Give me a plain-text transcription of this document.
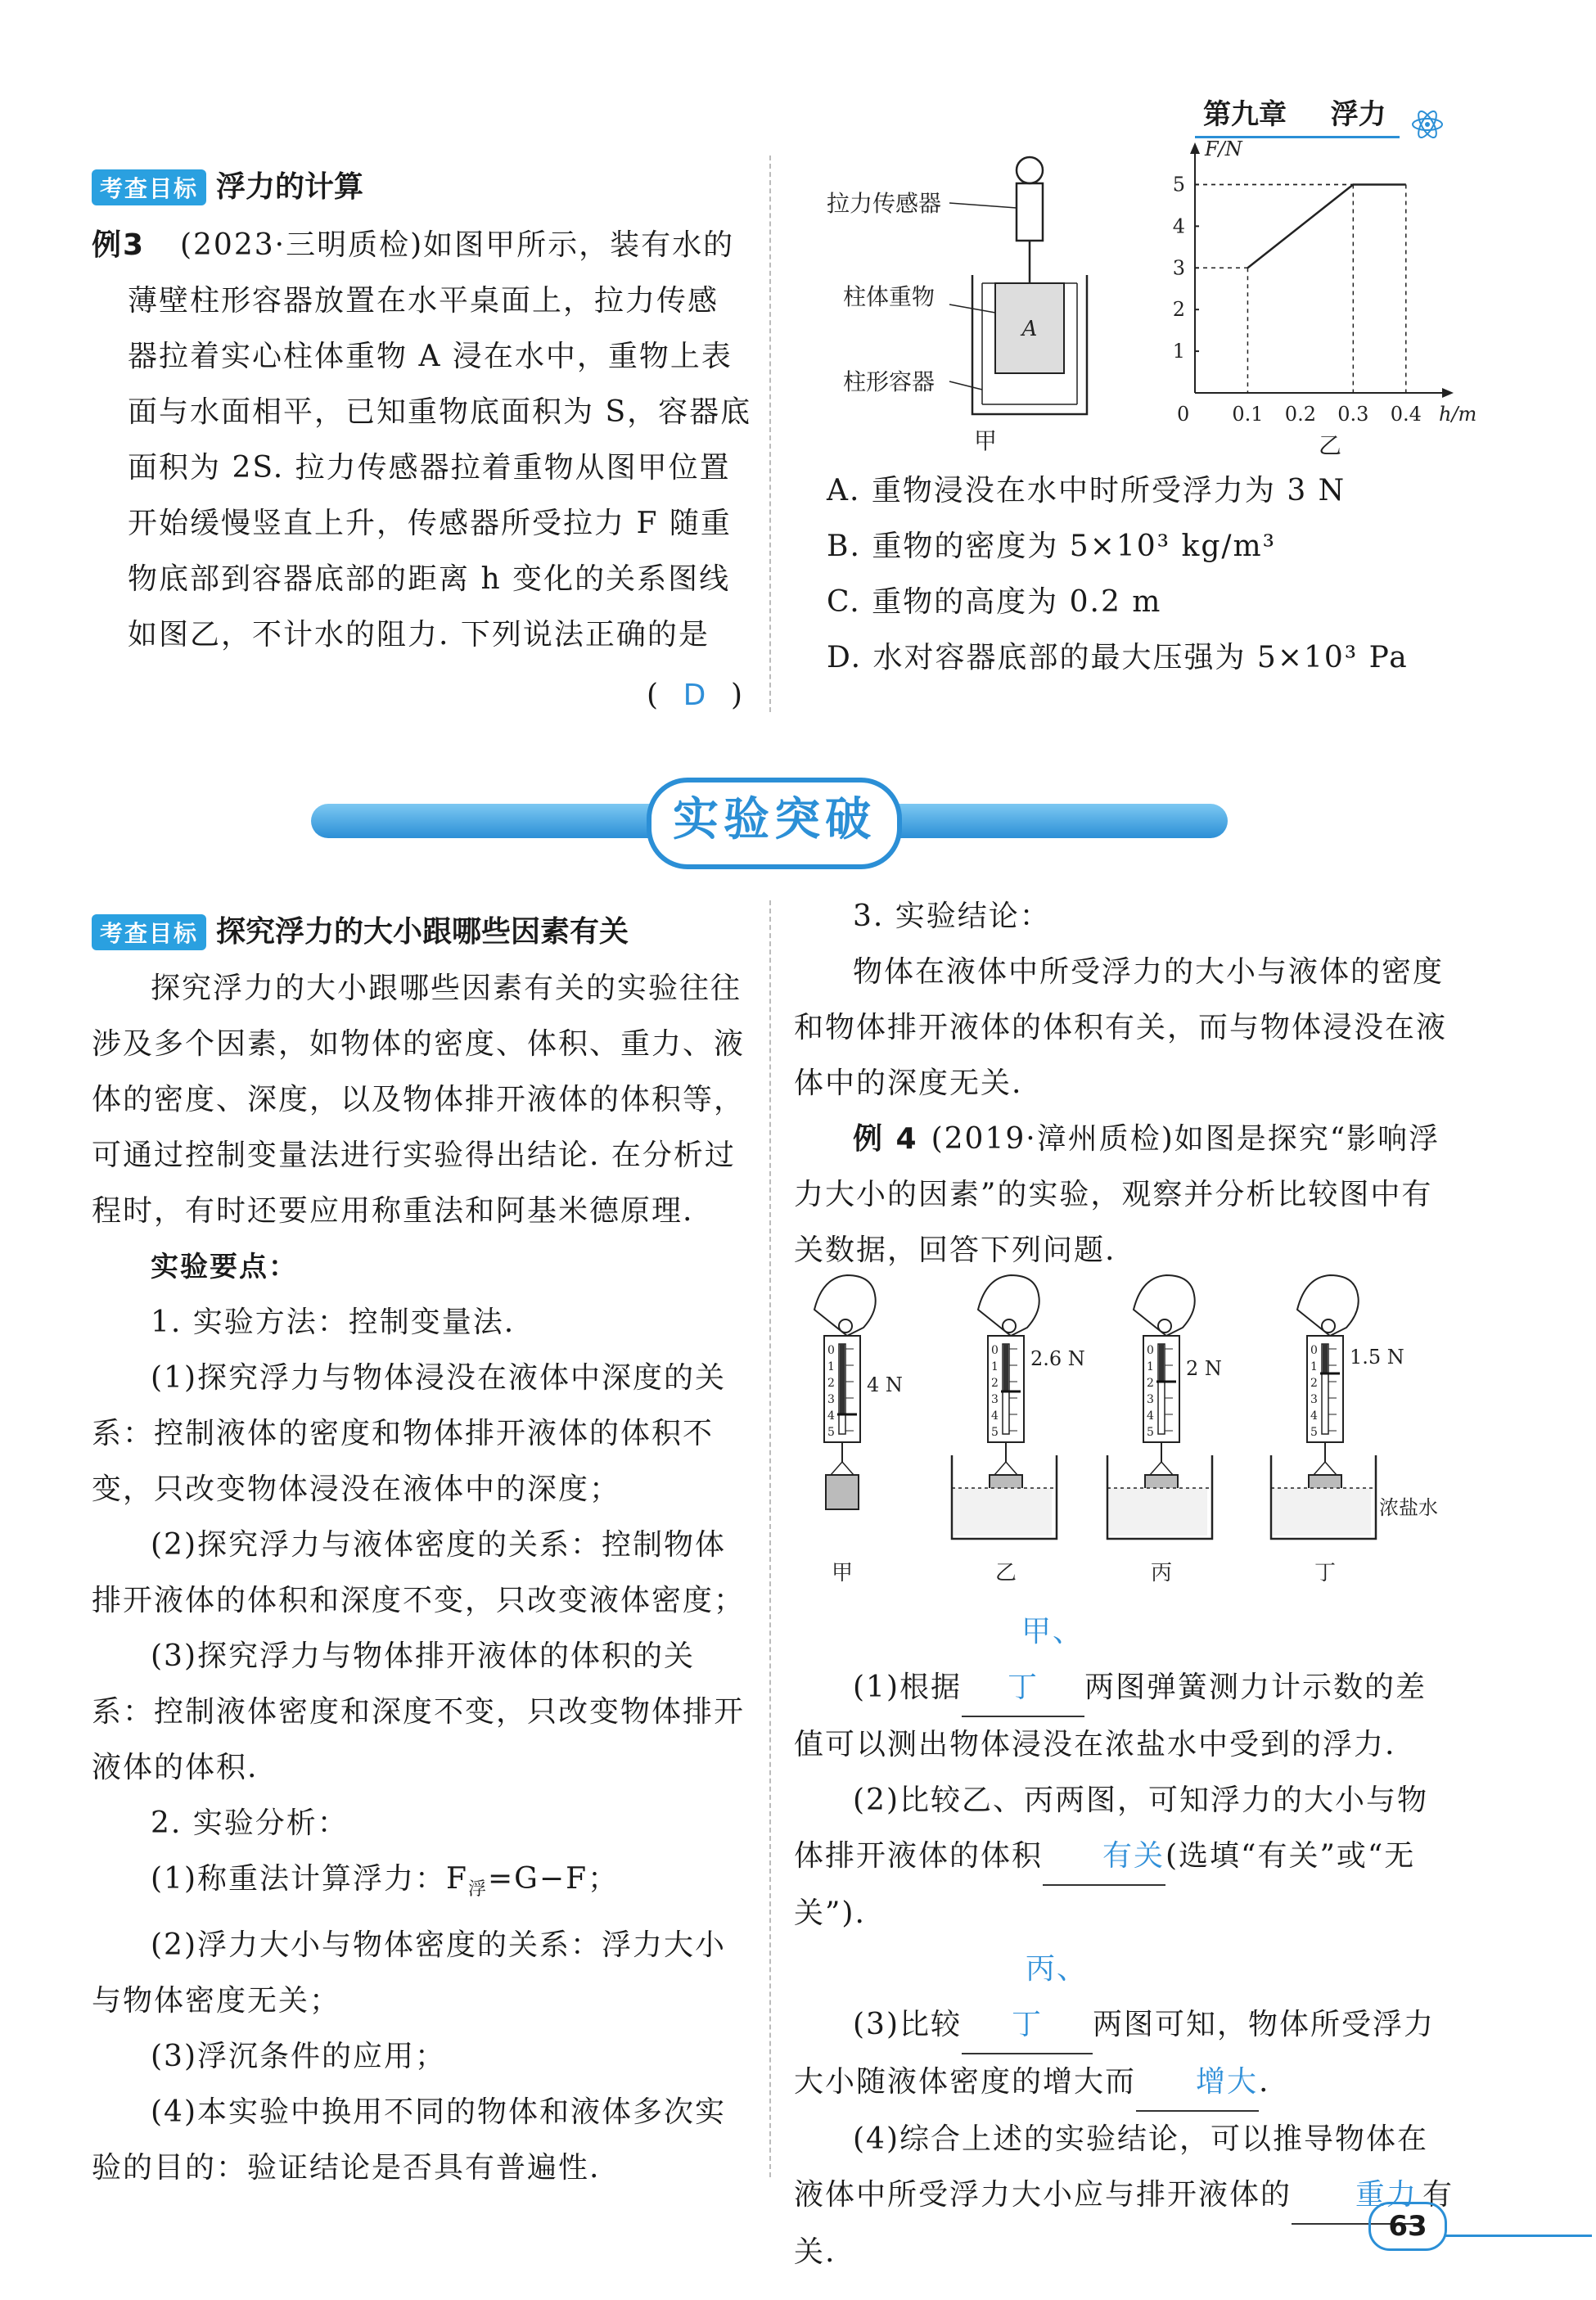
第九章 浮力
考查目标 浮力的计算

例3 (2023·三明质检)如图甲所示，装有水的

薄壁柱形容器放置在水平桌面上，拉力传感

器拉着实心柱体重物 A 浸在水中，重物上表

面与水面相平，已知重物底面积为 S，容器底

面积为 2S. 拉力传感器拉着重物从图甲位置

开始缓慢竖直上升，传感器所受拉力 F 随重

物底部到容器底部的距离 h 变化的关系图线

如图乙，不计水的阻力. 下列说法正确的是

( D )
A
拉力传感器
柱体重物
柱形容器
甲
F/N
h/m
0 0.1 0.2 0.3 0.4
1
2
3
4
5
乙

A. 重物浸没在水中时所受浮力为 3 N

B. 重物的密度为 5×10³ kg/m³

C. 重物的高度为 0.2 m

D. 水对容器底部的最大压强为 5×10³ Pa

实验突破
考查目标 探究浮力的大小跟哪些因素有关

探究浮力的大小跟哪些因素有关的实验往往涉及多个因素，如物体的密度、体积、重力、液体的密度、深度，以及物体排开液体的体积等，可通过控制变量法进行实验得出结论. 在分析过程时，有时还要应用称重法和阿基米德原理.

实验要点：

1. 实验方法：控制变量法.

(1)探究浮力与物体浸没在液体中深度的关系：控制液体的密度和物体排开液体的体积不变，只改变物体浸没在液体中的深度；

(2)探究浮力与液体密度的关系：控制物体排开液体的体积和深度不变，只改变液体密度；

(3)探究浮力与物体排开液体的体积的关系：控制液体密度和深度不变，只改变物体排开液体的体积.

2. 实验分析：

(1)称重法计算浮力：$F_浮=G-F$；

(2)浮力大小与物体密度的关系：浮力大小与物体密度无关；

(3)浮沉条件的应用；

(4)本实验中换用不同的物体和液体多次实验的目的：验证结论是否具有普遍性.

3. 实验结论：

物体在液体中所受浮力的大小与液体的密度和物体排开液体的体积有关，而与物体浸没在液体中的深度无关.

例 4 (2019·漳州质检)如图是探究“影响浮力大小的因素”的实验，观察并分析比较图中有关数据，回答下列问题.

0
1
2
3
4
5
4 N
甲
0
1
2
3
4
5
2.6 N
乙
0
1
2
3
4
5
2 N
丙
0
1
2
3
4
5
1.5 N
丁
浓盐水

(1)根据甲、丁 两图弹簧测力计示数的差值可以测出物体浸没在浓盐水中受到的浮力.

(2)比较乙、丙两图，可知浮力的大小与物体排开液体的体积 有关(选填“有关”或“无关”).

(3)比较丙、丁 两图可知，物体所受浮力大小随液体密度的增大而 增大.

(4)综合上述的实验结论，可以推导物体在液体中所受浮力大小应与排开液体的 重力 有关.

63
